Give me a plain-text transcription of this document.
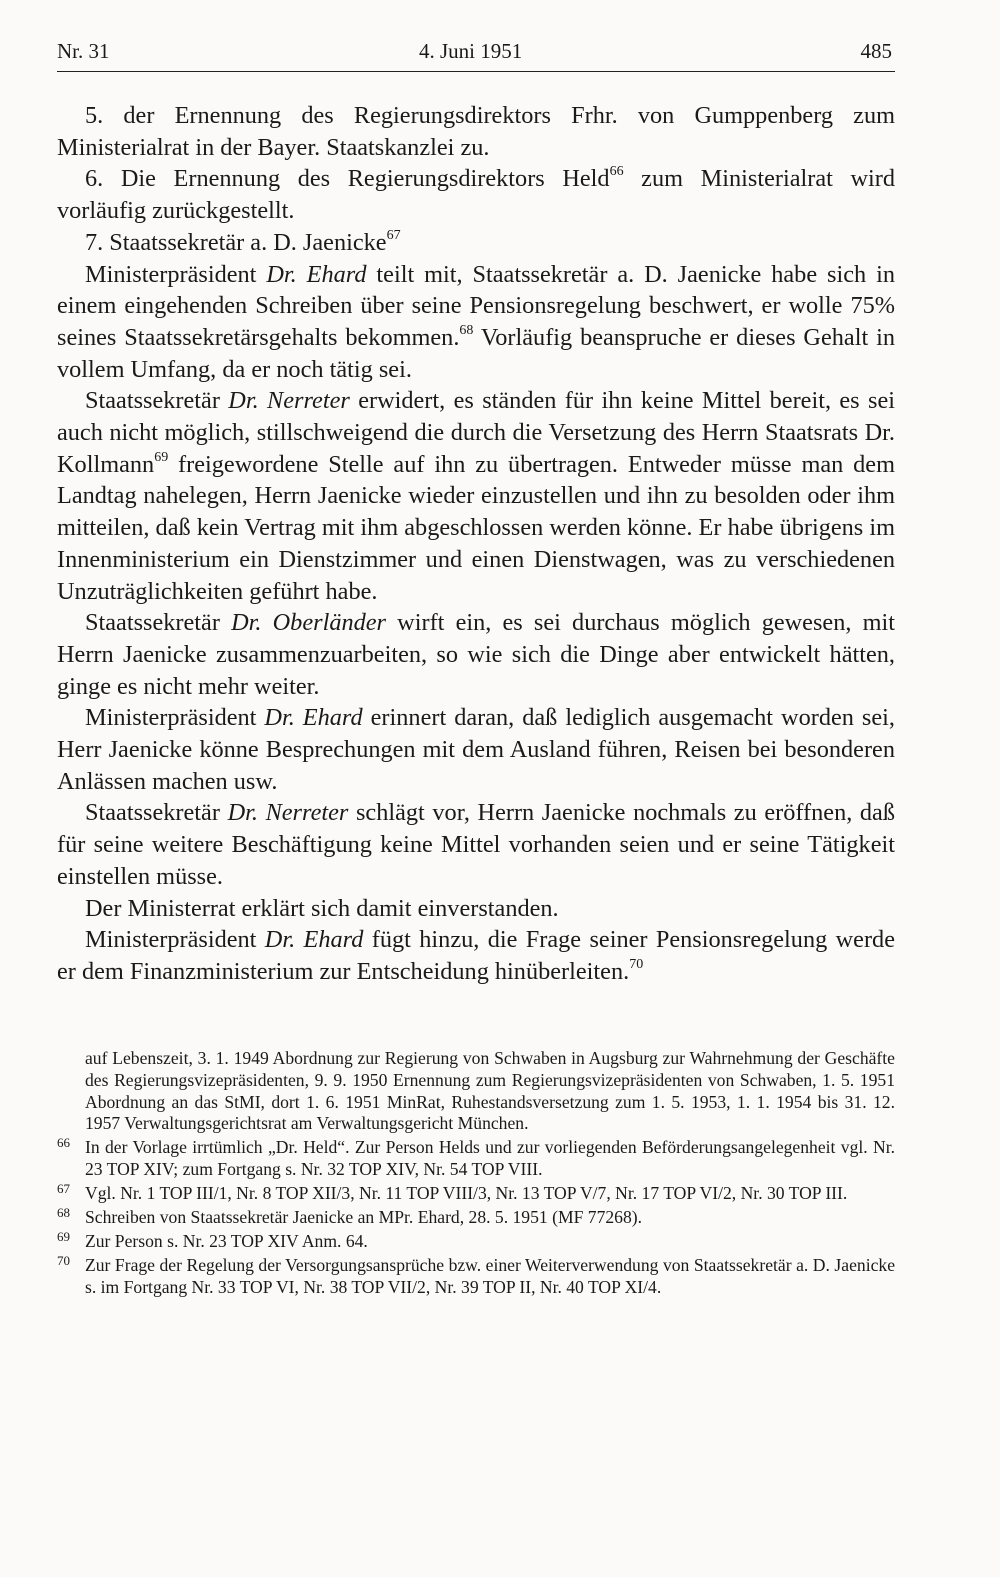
Nr. 31	4. Juni 1951	485

5. der Ernennung des Regierungsdirektors Frhr. von Gumppenberg zum Ministerialrat in der Bayer. Staatskanzlei zu.

6. Die Ernennung des Regierungsdirektors Held$^{66}$ zum Ministerialrat wird vorläufig zurückgestellt.

7. Staatssekretär a. D. Jaenicke$^{67}$

Ministerpräsident Dr. Ehard teilt mit, Staatssekretär a. D. Jaenicke habe sich in einem eingehenden Schreiben über seine Pensionsregelung beschwert, er wolle 75% seines Staatssekretärsgehalts bekommen.$^{68}$ Vorläufig beanspruche er dieses Gehalt in vollem Umfang, da er noch tätig sei.

Staatssekretär Dr. Nerreter erwidert, es ständen für ihn keine Mittel bereit, es sei auch nicht möglich, stillschweigend die durch die Versetzung des Herrn Staatsrats Dr. Kollmann$^{69}$ freigewordene Stelle auf ihn zu übertragen. Entweder müsse man dem Landtag nahelegen, Herrn Jaenicke wieder einzustellen und ihn zu besolden oder ihm mitteilen, daß kein Vertrag mit ihm abgeschlossen werden könne. Er habe übrigens im Innenministerium ein Dienstzimmer und einen Dienstwagen, was zu verschiedenen Unzuträglichkeiten geführt habe.

Staatssekretär Dr. Oberländer wirft ein, es sei durchaus möglich gewesen, mit Herrn Jaenicke zusammenzuarbeiten, so wie sich die Dinge aber entwickelt hätten, ginge es nicht mehr weiter.

Ministerpräsident Dr. Ehard erinnert daran, daß lediglich ausgemacht worden sei, Herr Jaenicke könne Besprechungen mit dem Ausland führen, Reisen bei besonderen Anlässen machen usw.

Staatssekretär Dr. Nerreter schlägt vor, Herrn Jaenicke nochmals zu eröffnen, daß für seine weitere Beschäftigung keine Mittel vorhanden seien und er seine Tätigkeit einstellen müsse.

Der Ministerrat erklärt sich damit einverstanden.

Ministerpräsident Dr. Ehard fügt hinzu, die Frage seiner Pensionsregelung werde er dem Finanzministerium zur Entscheidung hinüberleiten.$^{70}$

auf Lebenszeit, 3. 1. 1949 Abordnung zur Regierung von Schwaben in Augsburg zur Wahrnehmung der Geschäfte des Regierungsvizepräsidenten, 9. 9. 1950 Ernennung zum Regierungsvizepräsidenten von Schwaben, 1. 5. 1951 Abordnung an das StMI, dort 1. 6. 1951 MinRat, Ruhestandsversetzung zum 1. 5. 1953, 1. 1. 1954 bis 31. 12. 1957 Verwaltungsgerichtsrat am Verwaltungsgericht München.
66 In der Vorlage irrtümlich „Dr. Held“. Zur Person Helds und zur vorliegenden Beförderungsangelegenheit vgl. Nr. 23 TOP XIV; zum Fortgang s. Nr. 32 TOP XIV, Nr. 54 TOP VIII.
67 Vgl. Nr. 1 TOP III/1, Nr. 8 TOP XII/3, Nr. 11 TOP VIII/3, Nr. 13 TOP V/7, Nr. 17 TOP VI/2, Nr. 30 TOP III.
68 Schreiben von Staatssekretär Jaenicke an MPr. Ehard, 28. 5. 1951 (MF 77268).
69 Zur Person s. Nr. 23 TOP XIV Anm. 64.
70 Zur Frage der Regelung der Versorgungsansprüche bzw. einer Weiterverwendung von Staatssekretär a. D. Jaenicke s. im Fortgang Nr. 33 TOP VI, Nr. 38 TOP VII/2, Nr. 39 TOP II, Nr. 40 TOP XI/4.
